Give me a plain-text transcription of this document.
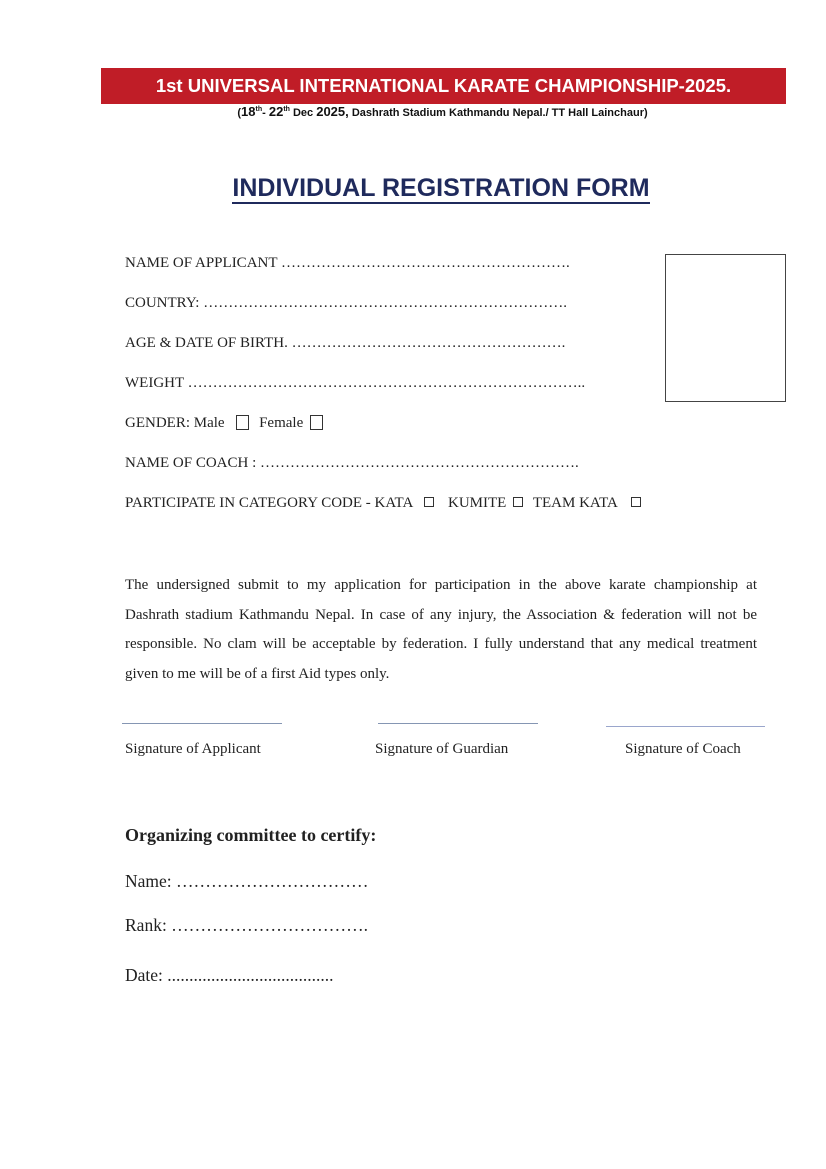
1st UNIVERSAL INTERNATIONAL KARATE CHAMPIONSHIP-2025.
(18th- 22th Dec 2025, Dashrath Stadium Kathmandu Nepal./ TT Hall Lainchaur)
INDIVIDUAL REGISTRATION FORM
NAME OF APPLICANT ………………………………………………….
COUNTRY: ……………………………………………………………….
AGE & DATE OF BIRTH. ……………………………………………….
WEIGHT ……………………………………………………………………..
GENDER: Male Female
NAME OF COACH : ……………………………………………………….
PARTICIPATE IN CATEGORY CODE - KATA KUMITE TEAM KATA
The undersigned submit to my application for participation in the above karate championship at Dashrath stadium Kathmandu Nepal. In case of any injury, the Association & federation will not be responsible. No clam will be acceptable by federation. I fully understand that any medical treatment given to me will be of a first Aid types only.
Signature of Applicant	Signature of Guardian	Signature of Coach
Organizing committee to certify:
Name: ……………………………
Rank: …………………………….
Date: ......................................
